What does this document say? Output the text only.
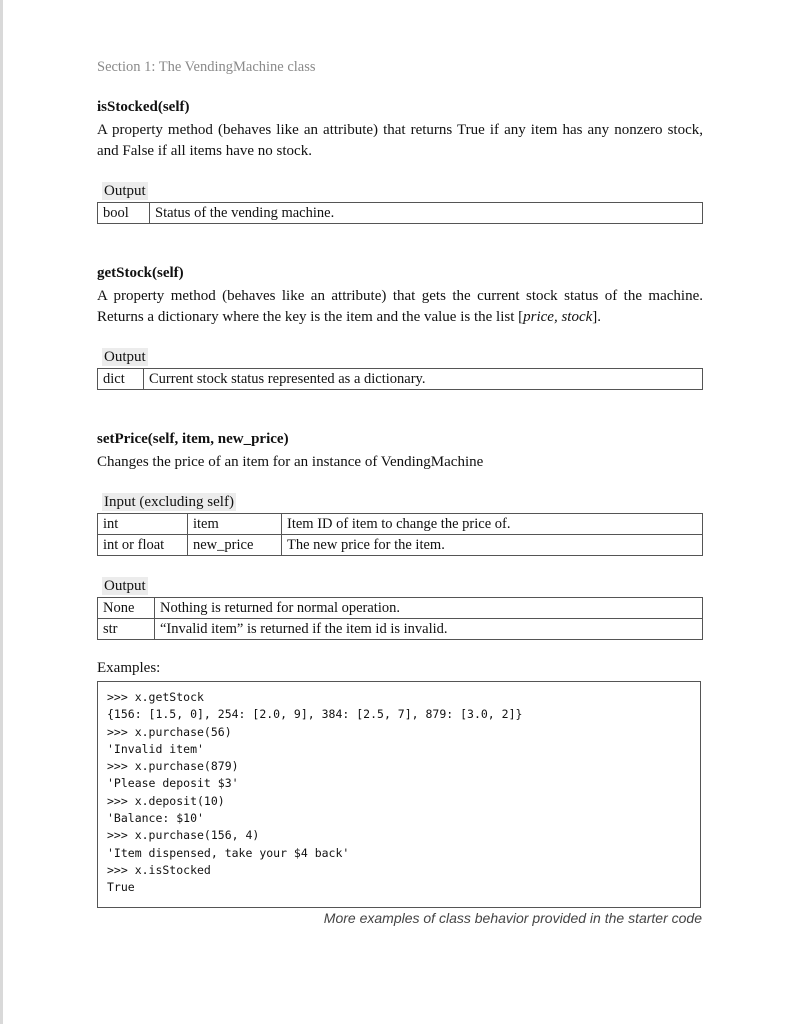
Section 1: The VendingMachine class
isStocked(self)
A property method (behaves like an attribute) that returns True if any item has any nonzero stock, and False if all items have no stock.
Output
bool	Status of the vending machine.
getStock(self)
A property method (behaves like an attribute) that gets the current stock status of the machine. Returns a dictionary where the key is the item and the value is the list [price, stock].
Output
dict	Current stock status represented as a dictionary.
setPrice(self, item, new_price)
Changes the price of an item for an instance of VendingMachine
Input (excluding self)
int	item	Item ID of item to change the price of.
int or float	new_price	The new price for the item.
Output
None	Nothing is returned for normal operation.
str	“Invalid item” is returned if the item id is invalid.
Examples:
>>> x.getStock
{156: [1.5, 0], 254: [2.0, 9], 384: [2.5, 7], 879: [3.0, 2]}
>>> x.purchase(56)
'Invalid item'
>>> x.purchase(879)
'Please deposit $3'
>>> x.deposit(10)
'Balance: $10'
>>> x.purchase(156, 4)
'Item dispensed, take your $4 back'
>>> x.isStocked
True
More examples of class behavior provided in the starter code
